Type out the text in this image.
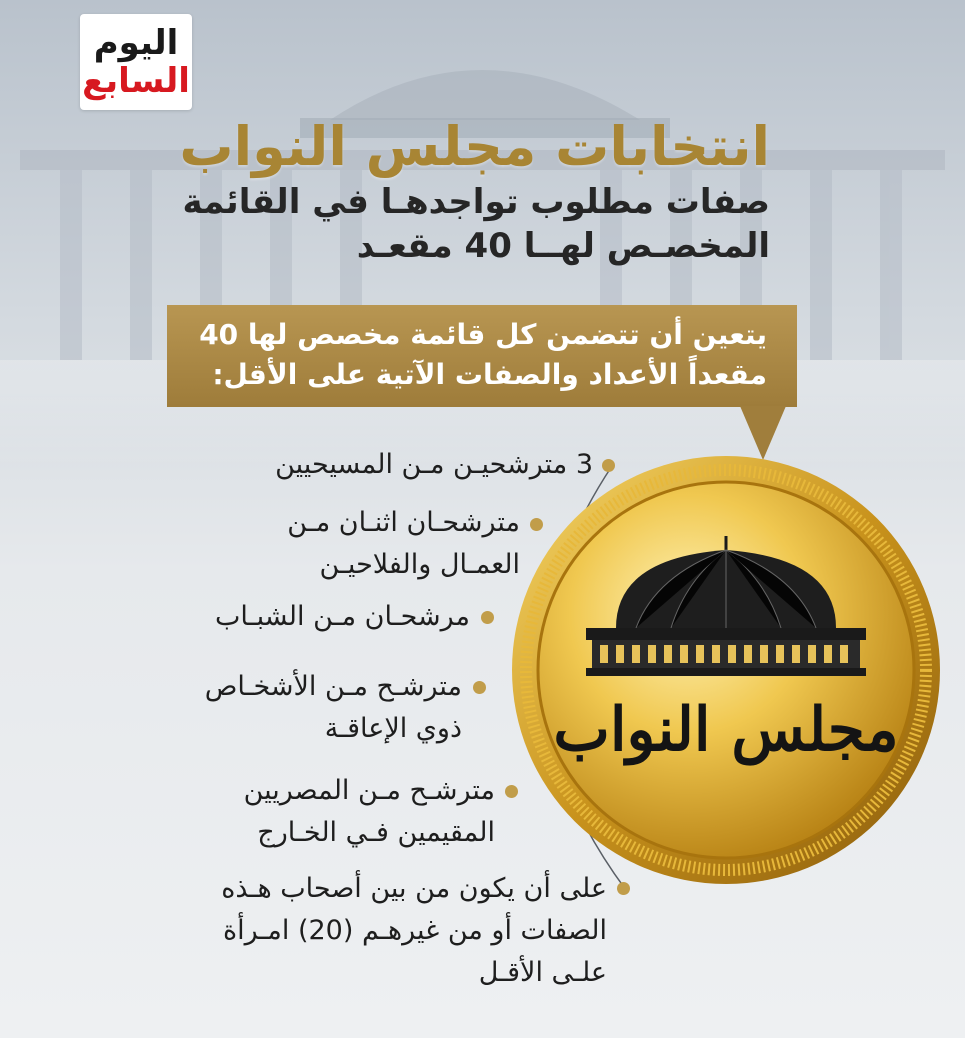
اليوم
السابع
انتخابات مجلس النواب
صفات مطلوب تواجدهـا في القائمة
المخصـص لهــا 40 مقعـد
يتعين أن تتضمن كل قائمة مخصص لها 40
مقعداً الأعداد والصفات الآتية على الأقل:
3 مترشحيـن مـن المسيحيين
مترشحـان اثنـان مـن
العمـال والفلاحيـن
مرشحـان مـن الشبـاب
مترشـح مـن الأشخـاص
ذوي الإعاقـة
مترشـح مـن المصريين
المقيمين فـي الخـارج
على أن يكون من بين أصحاب هـذه
الصفات أو من غيرهـم (20) امـرأة
علـى الأقـل
مجلس النواب
